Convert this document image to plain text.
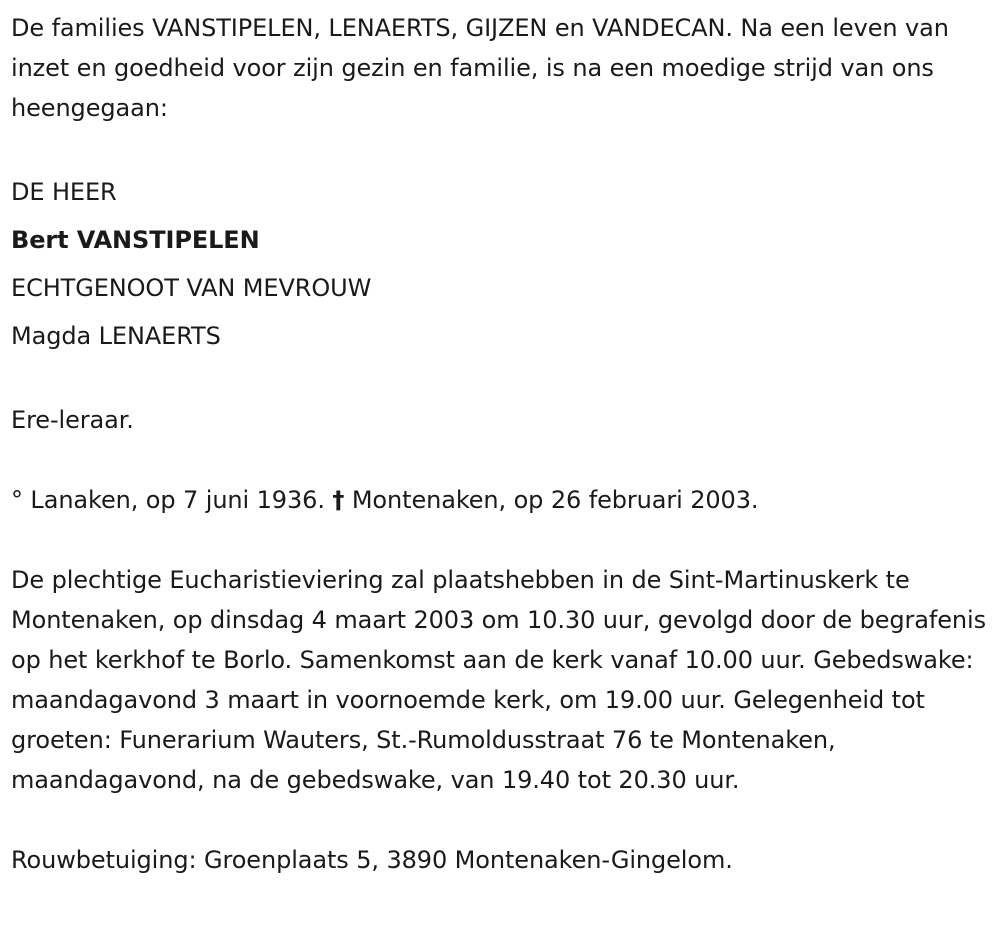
De families VANSTIPELEN, LENAERTS, GIJZEN en VANDECAN. Na een leven van inzet en goedheid voor zijn gezin en familie, is na een moedige strijd van ons heengegaan:

DE HEER

Bert VANSTIPELEN

ECHTGENOOT VAN MEVROUW

Magda LENAERTS

Ere-leraar.

° Lanaken, op 7 juni 1936. † Montenaken, op 26 februari 2003.

De plechtige Eucharistieviering zal plaatshebben in de Sint-Martinuskerk te Montenaken, op dinsdag 4 maart 2003 om 10.30 uur, gevolgd door de begrafenis op het kerkhof te Borlo. Samenkomst aan de kerk vanaf 10.00 uur. Gebedswake: maandagavond 3 maart in voornoemde kerk, om 19.00 uur. Gelegenheid tot groeten: Funerarium Wauters, St.-Rumoldusstraat 76 te Montenaken, maandagavond, na de gebedswake, van 19.40 tot 20.30 uur.

Rouwbetuiging: Groenplaats 5, 3890 Montenaken-Gingelom.
